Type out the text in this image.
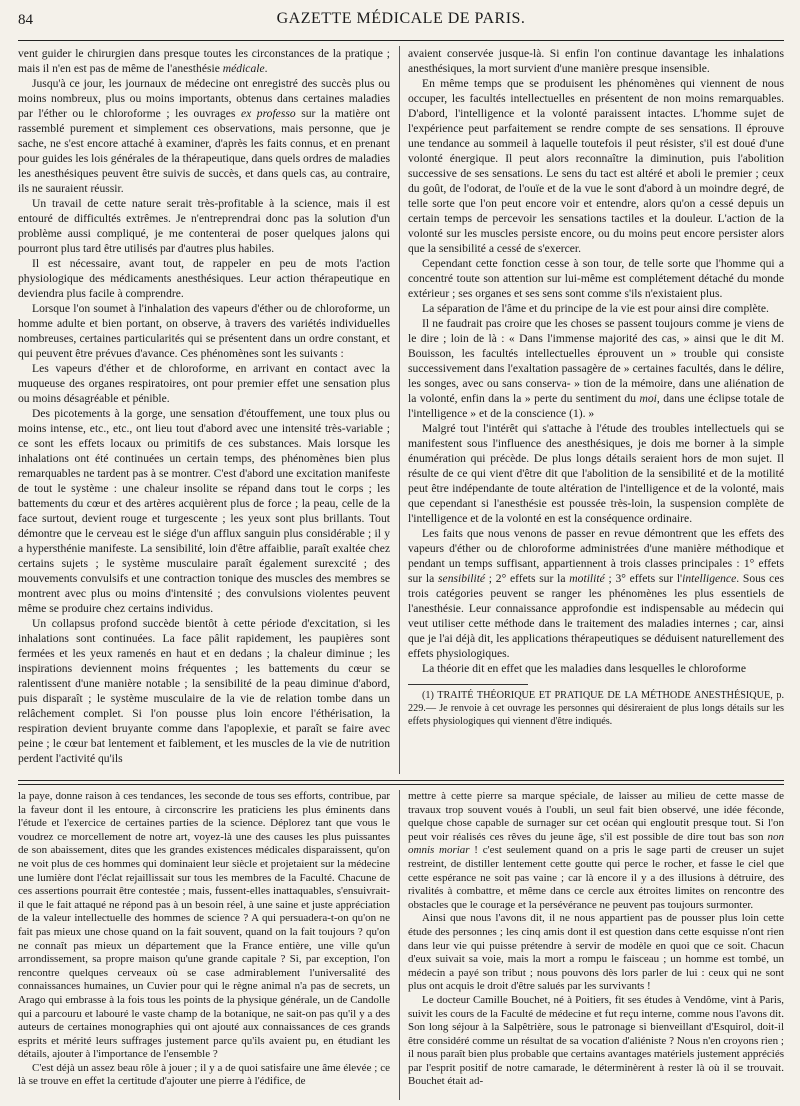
84	GAZETTE MÉDICALE DE PARIS.

vent guider le chirurgien dans presque toutes les circonstances de la pratique ; mais il n'en est pas de même de l'anesthésie médicale.

Jusqu'à ce jour, les journaux de médecine ont enregistré des succès plus ou moins nombreux, plus ou moins importants, obtenus dans certaines maladies par l'éther ou le chloroforme ; les ouvrages ex professo sur la matière ont rassemblé purement et simplement ces observations, mais personne, que je sache, ne s'est encore attaché à examiner, d'après les faits connus, et en prenant pour guides les lois générales de la thérapeutique, dans quels ordres de maladies les anesthésiques peuvent être suivis de succès, et dans quels cas, au contraire, ils ne sauraient réussir.

Un travail de cette nature serait très-profitable à la science, mais il est entouré de difficultés extrêmes. Je n'entreprendrai donc pas la solution d'un problème aussi compliqué, je me contenterai de poser quelques jalons qui pourront plus tard être utilisés par d'autres plus habiles.

Il est nécessaire, avant tout, de rappeler en peu de mots l'action physiologique des médicaments anesthésiques. Leur action thérapeutique en deviendra plus facile à comprendre.

Lorsque l'on soumet à l'inhalation des vapeurs d'éther ou de chloroforme, un homme adulte et bien portant, on observe, à travers des variétés individuelles nombreuses, certaines particularités qui se présentent dans un ordre constant, et qui peuvent être prévues d'avance. Ces phénomènes sont les suivants :

Les vapeurs d'éther et de chloroforme, en arrivant en contact avec la muqueuse des organes respiratoires, ont pour premier effet une sensation plus ou moins désagréable et pénible.

Des picotements à la gorge, une sensation d'étouffement, une toux plus ou moins intense, etc., etc., ont lieu tout d'abord avec une intensité très-variable ; ce sont les effets locaux ou primitifs de ces substances. Mais lorsque les inhalations ont été continuées un certain temps, des phénomènes bien plus remarquables ne tardent pas à se montrer. C'est d'abord une excitation manifeste de tout le système : une chaleur insolite se répand dans tout le corps ; les battements du cœur et des artères acquièrent plus de force ; la peau, celle de la face surtout, devient rouge et turgescente ; les yeux sont plus brillants. Tout démontre que le cerveau est le siége d'un afflux sanguin plus considérable ; il y a hypersthénie manifeste. La sensibilité, loin d'être affaiblie, paraît exaltée chez certains sujets ; le système musculaire paraît également surexcité ; des mouvements convulsifs et une contraction tonique des muscles des membres se montrent avec plus ou moins d'intensité ; des convulsions violentes peuvent même se produire chez certains individus.

Un collapsus profond succède bientôt à cette période d'excitation, si les inhalations sont continuées. La face pâlit rapidement, les paupières sont fermées et les yeux ramenés en haut et en dedans ; la chaleur diminue ; les inspirations deviennent moins fréquentes ; les battements du cœur se ralentissent d'une manière notable ; la sensibilité de la peau diminue d'abord, puis disparaît ; le système musculaire de la vie de relation tombe dans un relâchement complet. Si l'on pousse plus loin encore l'éthérisation, la respiration devient bruyante comme dans l'apoplexie, et paraît se faire avec peine ; le cœur bat lentement et faiblement, et les muscles de la vie de nutrition perdent l'activité qu'ils

avaient conservée jusque-là. Si enfin l'on continue davantage les inhalations anesthésiques, la mort survient d'une manière presque insensible.

En même temps que se produisent les phénomènes qui viennent de nous occuper, les facultés intellectuelles en présentent de non moins remarquables. D'abord, l'intelligence et la volonté paraissent intactes. L'homme sujet de l'expérience peut parfaitement se rendre compte de ses sensations. Il éprouve une tendance au sommeil à laquelle toutefois il peut résister, s'il est doué d'une volonté énergique. Il peut alors reconnaître la diminution, puis l'abolition successive de ses sensations. Le sens du tact est altéré et aboli le premier ; ceux du goût, de l'odorat, de l'ouïe et de la vue le sont d'abord à un moindre degré, de telle sorte que l'on peut encore voir et entendre, alors qu'on a cessé depuis un certain temps de percevoir les sensations tactiles et la douleur. L'action de la volonté sur les muscles persiste encore, ou du moins peut encore persister alors que la sensibilité a cessé de s'exercer.

Cependant cette fonction cesse à son tour, de telle sorte que l'homme qui a concentré toute son attention sur lui-même est complétement détaché du monde extérieur ; ses organes et ses sens sont comme s'ils n'existaient plus.

La séparation de l'âme et du principe de la vie est pour ainsi dire complète.

Il ne faudrait pas croire que les choses se passent toujours comme je viens de le dire ; loin de là : « Dans l'immense majorité des cas, » ainsi que le dit M. Bouisson, les facultés intellectuelles éprouvent un » trouble qui consiste successivement dans l'exaltation passagère de » certaines facultés, dans le délire, les songes, avec ou sans conserva- » tion de la mémoire, dans une aliénation de la volonté, enfin dans la » perte du sentiment du moi, dans une éclipse totale de l'intelligence » et de la conscience (1). »

Malgré tout l'intérêt qui s'attache à l'étude des troubles intellectuels qui se manifestent sous l'influence des anesthésiques, je dois me borner à la simple énumération qui précède. De plus longs détails seraient hors de mon sujet. Il résulte de ce qui vient d'être dit que l'abolition de la sensibilité et de la motilité peut être indépendante de toute altération de l'intelligence et de la volonté, mais que cependant si l'anesthésie est poussée très-loin, la suspension complète de l'intelligence et de la volonté en est la conséquence ordinaire.

Les faits que nous venons de passer en revue démontrent que les effets des vapeurs d'éther ou de chloroforme administrées d'une manière méthodique et pendant un temps suffisant, appartiennent à trois classes principales : 1° effets sur la sensibilité ; 2° effets sur la motilité ; 3° effets sur l'intelligence. Sous ces trois catégories peuvent se ranger les phénomènes les plus essentiels de l'anesthésie. Leur connaissance approfondie est indispensable au médecin qui veut utiliser cette méthode dans le traitement des maladies internes ; car, ainsi que je l'ai déjà dit, les applications thérapeutiques se déduisent naturellement des effets physiologiques.

La théorie dit en effet que les maladies dans lesquelles le chloroforme

(1) TRAITÉ THÉORIQUE ET PRATIQUE DE LA MÉTHODE ANESTHÉSIQUE, p. 229.— Je renvoie à cet ouvrage les personnes qui désireraient de plus longs détails sur les effets physiologiques qui viennent d'être indiqués.

la paye, donne raison à ces tendances, les seconde de tous ses efforts, contribue, par la faveur dont il les entoure, à circonscrire les praticiens les plus éminents dans l'étude et l'exercice de certaines parties de la science. Déplorez tant que vous le voudrez ce morcellement de notre art, voyez-là une des causes les plus puissantes de son abaissement, dites que les grandes existences médicales disparaissent, qu'on ne voit plus de ces hommes qui dominaient leur siècle et projetaient sur la médecine une lumière dont l'éclat rejaillissait sur tous les membres de la Faculté. Chacune de ces assertions pourrait être contestée ; mais, fussent-elles inattaquables, s'ensuivrait-il que le fait attaqué ne répond pas à un besoin réel, à une saine et juste appréciation de la valeur intellectuelle des hommes de science ? A qui persuadera-t-on qu'on ne fait pas mieux une chose quand on la fait souvent, quand on la fait toujours ? qu'on ne connaît pas mieux un département que la France entière, une ville qu'un arrondissement, sa propre maison qu'une grande capitale ? Si, par exception, l'on rencontre quelques cerveaux où se case admirablement l'universalité des connaissances humaines, un Cuvier pour qui le règne animal n'a pas de secrets, un Arago qui embrasse à la fois tous les points de la physique générale, un de Candolle qui a parcouru et labouré le vaste champ de la botanique, ne sait-on pas qu'il y a des auteurs de certaines monographies qui ont ajouté aux connaissances de ces grands esprits et mérité leurs suffrages justement parce qu'ils avaient pu, en étudiant les détails, ajouter à l'importance de l'ensemble ?

C'est déjà un assez beau rôle à jouer ; il y a de quoi satisfaire une âme élevée ; ce là se trouve en effet la certitude d'ajouter une pierre à l'édifice, de

mettre à cette pierre sa marque spéciale, de laisser au milieu de cette masse de travaux trop souvent voués à l'oubli, un seul fait bien observé, une idée féconde, quelque chose capable de surnager sur cet océan qui engloutit presque tout. Si l'on peut voir réalisés ces rêves du jeune âge, s'il est possible de dire tout bas son non omnis moriar ! c'est seulement quand on a pris le sage parti de creuser un sujet restreint, de distiller lentement cette goutte qui perce le rocher, et fasse le ciel que cette espérance ne soit pas vaine ; car là encore il y a des illusions à détruire, des rivalités à combattre, et même dans ce cercle aux étroites limites on rencontre des obstacles que le courage et la persévérance ne peuvent pas toujours surmonter.

Ainsi que nous l'avons dit, il ne nous appartient pas de pousser plus loin cette étude des personnes ; les cinq amis dont il est question dans cette esquisse n'ont rien dans leur vie qui puisse prétendre à servir de modèle en quoi que ce soit. Chacun d'eux suivait sa voie, mais la mort a rompu le faisceau ; un homme est tombé, un médecin a payé son tribut ; nous pouvons dès lors parler de lui : ceux qui ne sont plus ont acquis le droit d'être salués par les survivants !

Le docteur Camille Bouchet, né à Poitiers, fit ses études à Vendôme, vint à Paris, suivit les cours de la Faculté de médecine et fut reçu interne, comme nous l'avons dit. Son long séjour à la Salpêtrière, sous le patronage si bienveillant d'Esquirol, doit-il être considéré comme un résultat de sa vocation d'aliéniste ? Nous n'en croyons rien ; il nous paraît bien plus probable que certains avantages matériels justement appréciés par l'esprit positif de notre camarade, le déterminèrent à rester là où il se trouvait. Bouchet était ad-
